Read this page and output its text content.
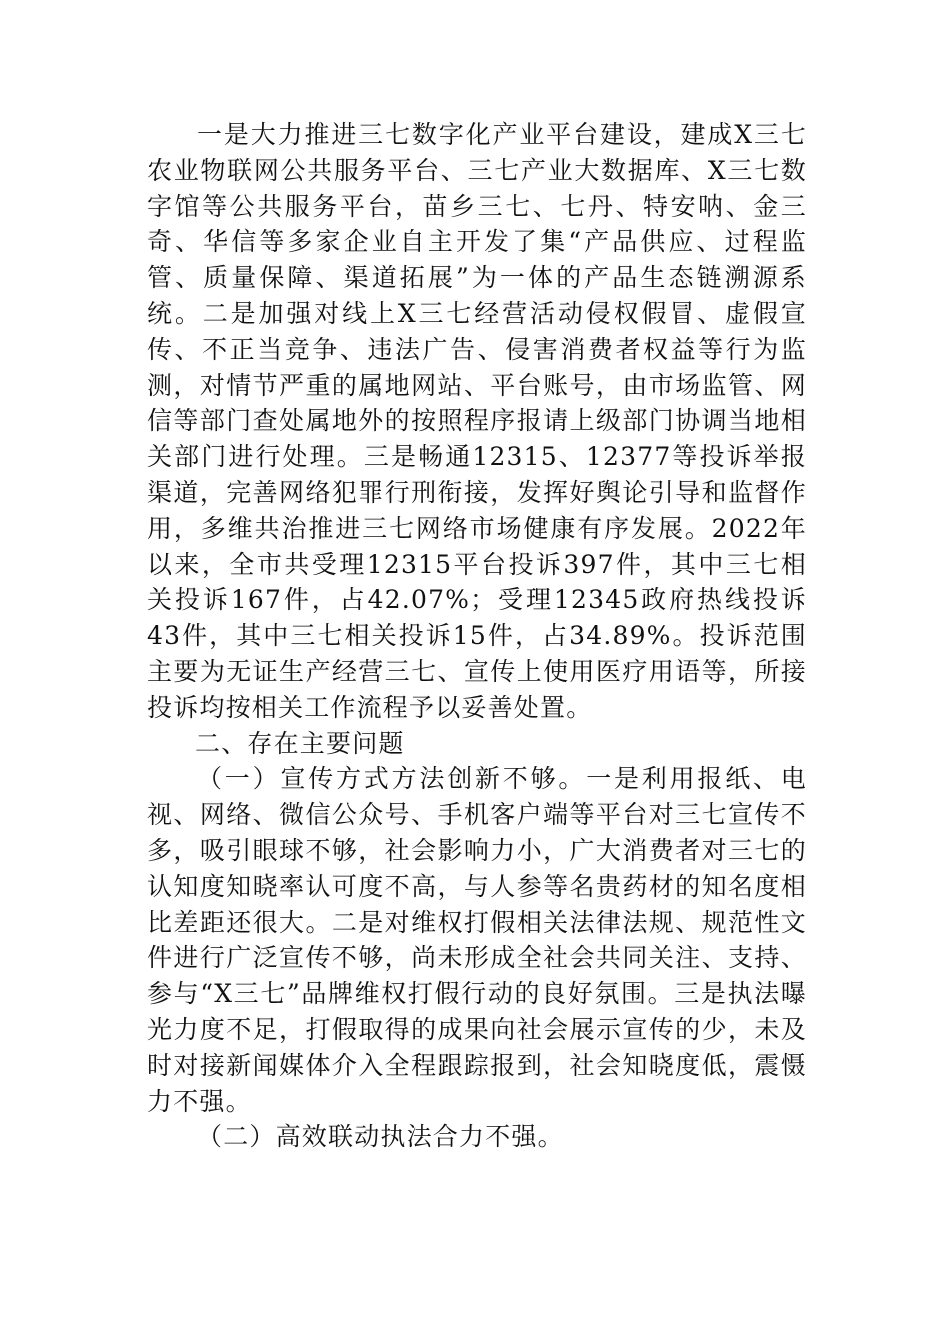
一是大力推进三七数字化产业平台建设，建成X三七农业物联网公共服务平台、三七产业大数据库、X三七数字馆等公共服务平台，苗乡三七、七丹、特安呐、金三奇、华信等多家企业自主开发了集“产品供应、过程监管、质量保障、渠道拓展”为一体的产品生态链溯源系统。二是加强对线上X三七经营活动侵权假冒、虚假宣传、不正当竞争、违法广告、侵害消费者权益等行为监测，对情节严重的属地网站、平台账号，由市场监管、网信等部门查处属地外的按照程序报请上级部门协调当地相关部门进行处理。三是畅通12315、12377等投诉举报渠道，完善网络犯罪行刑衔接，发挥好舆论引导和监督作用，多维共治推进三七网络市场健康有序发展。2022年以来，全市共受理12315平台投诉397件，其中三七相关投诉167件，占42.07%；受理12345政府热线投诉43件，其中三七相关投诉15件，占34.89%。投诉范围主要为无证生产经营三七、宣传上使用医疗用语等，所接投诉均按相关工作流程予以妥善处置。

二、存在主要问题

（一）宣传方式方法创新不够。一是利用报纸、电视、网络、微信公众号、手机客户端等平台对三七宣传不多，吸引眼球不够，社会影响力小，广大消费者对三七的认知度知晓率认可度不高，与人参等名贵药材的知名度相比差距还很大。二是对维权打假相关法律法规、规范性文件进行广泛宣传不够，尚未形成全社会共同关注、支持、参与“X三七”品牌维权打假行动的良好氛围。三是执法曝光力度不足，打假取得的成果向社会展示宣传的少，未及时对接新闻媒体介入全程跟踪报到，社会知晓度低，震慑力不强。

（二）高效联动执法合力不强。
